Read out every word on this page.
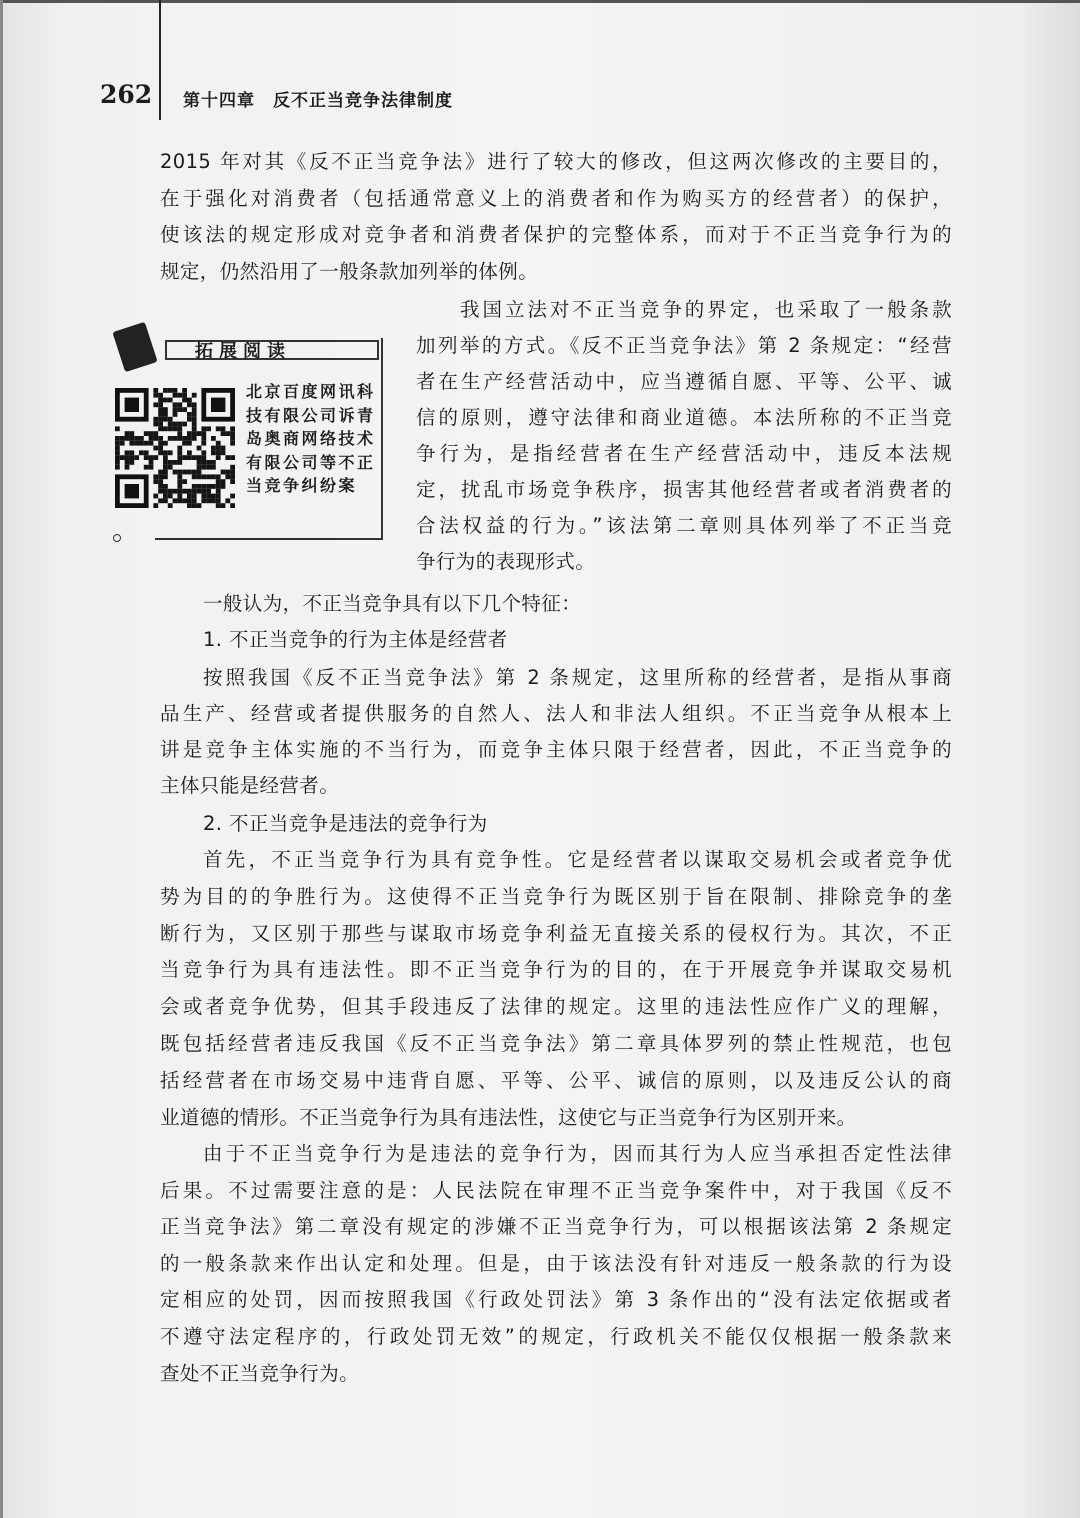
262 第十四章　反不正当竞争法律制度
拓展阅读
北京百度网讯科技有限公司诉青岛奥商网络技术有限公司等不正当竞争纠纷案
2015 年对其《反不正当竞争法》进行了较大的修改，但这两次修改的主要目的，
在于强化对消费者（包括通常意义上的消费者和作为购买方的经营者）的保护，
使该法的规定形成对竞争者和消费者保护的完整体系，而对于不正当竞争行为的
规定，仍然沿用了一般条款加列举的体例。
我国立法对不正当竞争的界定，也采取了一般条款
加列举的方式。《反不正当竞争法》第 2 条规定：“经营
者在生产经营活动中，应当遵循自愿、平等、公平、诚
信的原则，遵守法律和商业道德。本法所称的不正当竞
争行为，是指经营者在生产经营活动中，违反本法规
定，扰乱市场竞争秩序，损害其他经营者或者消费者的
合法权益的行为。”该法第二章则具体列举了不正当竞
争行为的表现形式。
一般认为，不正当竞争具有以下几个特征：
1. 不正当竞争的行为主体是经营者
按照我国《反不正当竞争法》第 2 条规定，这里所称的经营者，是指从事商
品生产、经营或者提供服务的自然人、法人和非法人组织。不正当竞争从根本上
讲是竞争主体实施的不当行为，而竞争主体只限于经营者，因此，不正当竞争的
主体只能是经营者。
2. 不正当竞争是违法的竞争行为
首先，不正当竞争行为具有竞争性。它是经营者以谋取交易机会或者竞争优
势为目的的争胜行为。这使得不正当竞争行为既区别于旨在限制、排除竞争的垄
断行为，又区别于那些与谋取市场竞争利益无直接关系的侵权行为。其次，不正
当竞争行为具有违法性。即不正当竞争行为的目的，在于开展竞争并谋取交易机
会或者竞争优势，但其手段违反了法律的规定。这里的违法性应作广义的理解，
既包括经营者违反我国《反不正当竞争法》第二章具体罗列的禁止性规范，也包
括经营者在市场交易中违背自愿、平等、公平、诚信的原则，以及违反公认的商
业道德的情形。不正当竞争行为具有违法性，这使它与正当竞争行为区别开来。
由于不正当竞争行为是违法的竞争行为，因而其行为人应当承担否定性法律
后果。不过需要注意的是：人民法院在审理不正当竞争案件中，对于我国《反不
正当竞争法》第二章没有规定的涉嫌不正当竞争行为，可以根据该法第 2 条规定
的一般条款来作出认定和处理。但是，由于该法没有针对违反一般条款的行为设
定相应的处罚，因而按照我国《行政处罚法》第 3 条作出的“没有法定依据或者
不遵守法定程序的，行政处罚无效”的规定，行政机关不能仅仅根据一般条款来
查处不正当竞争行为。
